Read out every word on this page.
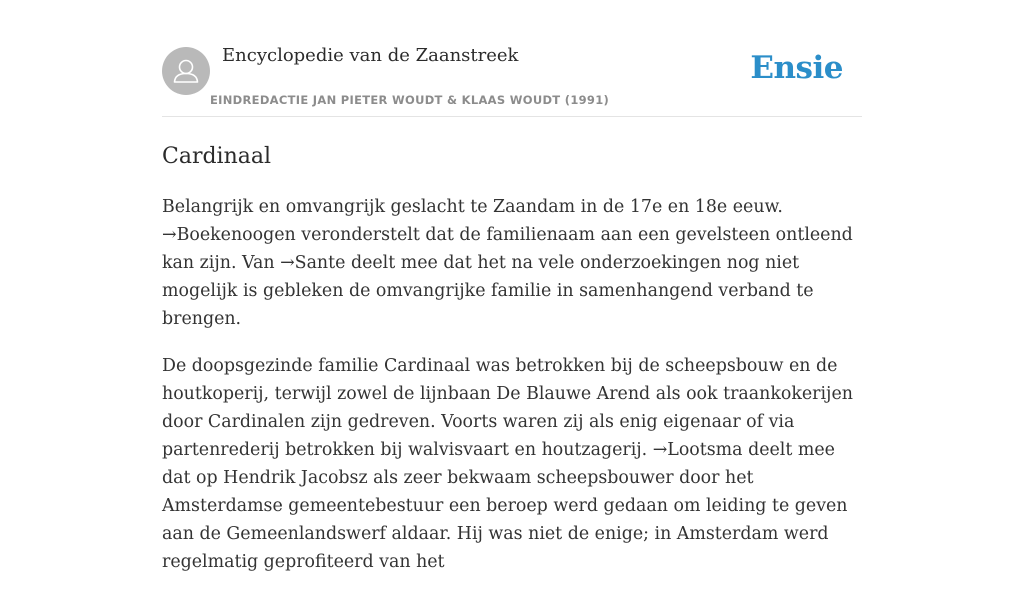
Encyclopedie van de Zaanstreek
EINDREDACTIE JAN PIETER WOUDT & KLAAS WOUDT (1991)
Ensie
Cardinaal

Belangrijk en omvangrijk geslacht te Zaandam in de 17e en 18e eeuw. →Boekenoogen veronderstelt dat de familienaam aan een gevelsteen ontleend kan zijn. Van →Sante deelt mee dat het na vele onderzoekingen nog niet mogelijk is gebleken de omvangrijke familie in samenhangend verband te brengen.

De doopsgezinde familie Cardinaal was betrokken bij de scheepsbouw en de houtkoperij, terwijl zowel de lijnbaan De Blauwe Arend als ook traankokerijen door Cardinalen zijn gedreven. Voorts waren zij als enig eigenaar of via partenrederij betrokken bij walvisvaart en houtzagerij. →Lootsma deelt mee dat op Hendrik Jacobsz als zeer bekwaam scheepsbouwer door het Amsterdamse gemeentebestuur een beroep werd gedaan om leiding te geven aan de Gemeenlandswerf aldaar. Hij was niet de enige; in Amsterdam werd regelmatig geprofiteerd van het
